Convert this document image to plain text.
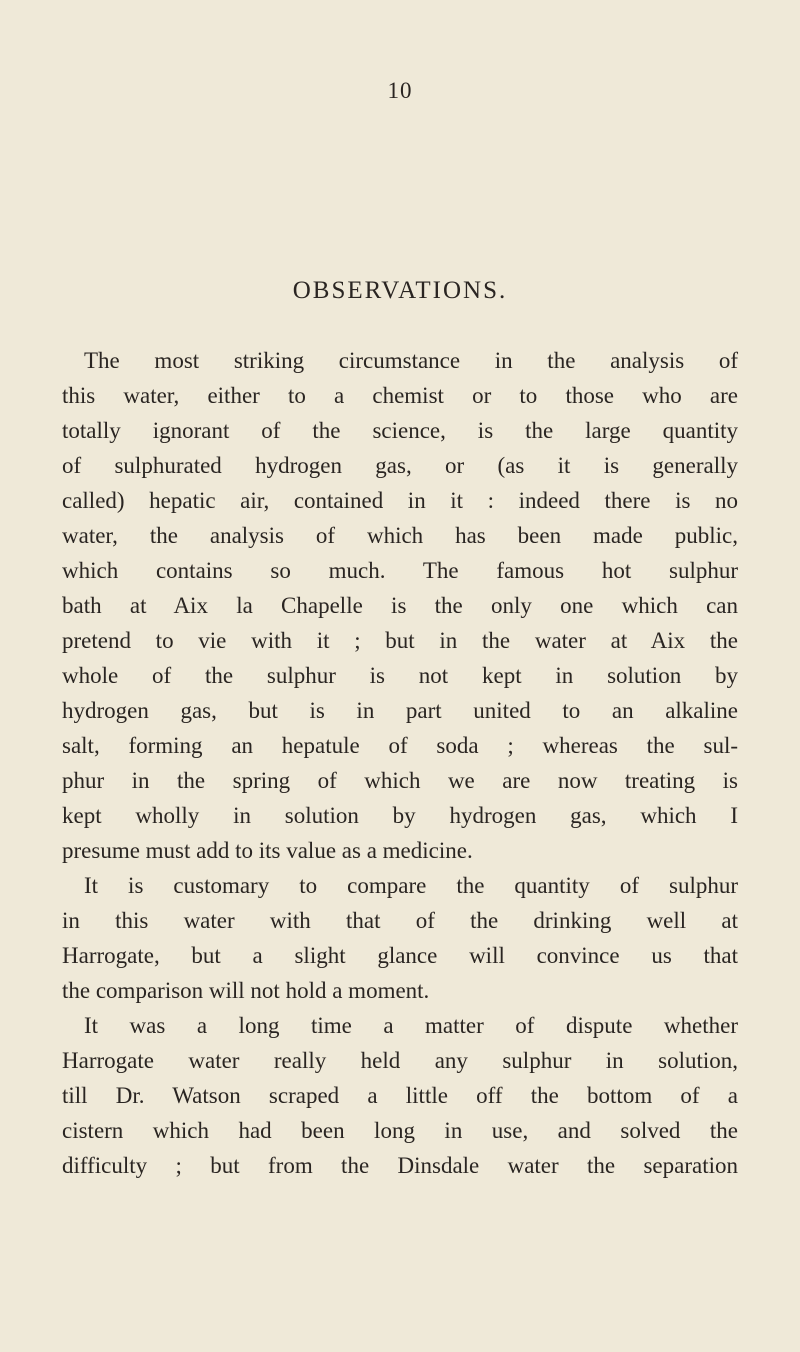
10
OBSERVATIONS.
The most striking circumstance in the analysis of
this water, either to a chemist or to those who are
totally ignorant of the science, is the large quantity
of sulphurated hydrogen gas, or (as it is generally
called) hepatic air, contained in it : indeed there is no
water, the analysis of which has been made public,
which contains so much. The famous hot sulphur
bath at Aix la Chapelle is the only one which can
pretend to vie with it ; but in the water at Aix the
whole of the sulphur is not kept in solution by
hydrogen gas, but is in part united to an alkaline
salt, forming an hepatule of soda ; whereas the sul-
phur in the spring of which we are now treating is
kept wholly in solution by hydrogen gas, which I
presume must add to its value as a medicine.
It is customary to compare the quantity of sulphur
in this water with that of the drinking well at
Harrogate, but a slight glance will convince us that
the comparison will not hold a moment.
It was a long time a matter of dispute whether
Harrogate water really held any sulphur in solution,
till Dr. Watson scraped a little off the bottom of a
cistern which had been long in use, and solved the
difficulty ; but from the Dinsdale water the separation
